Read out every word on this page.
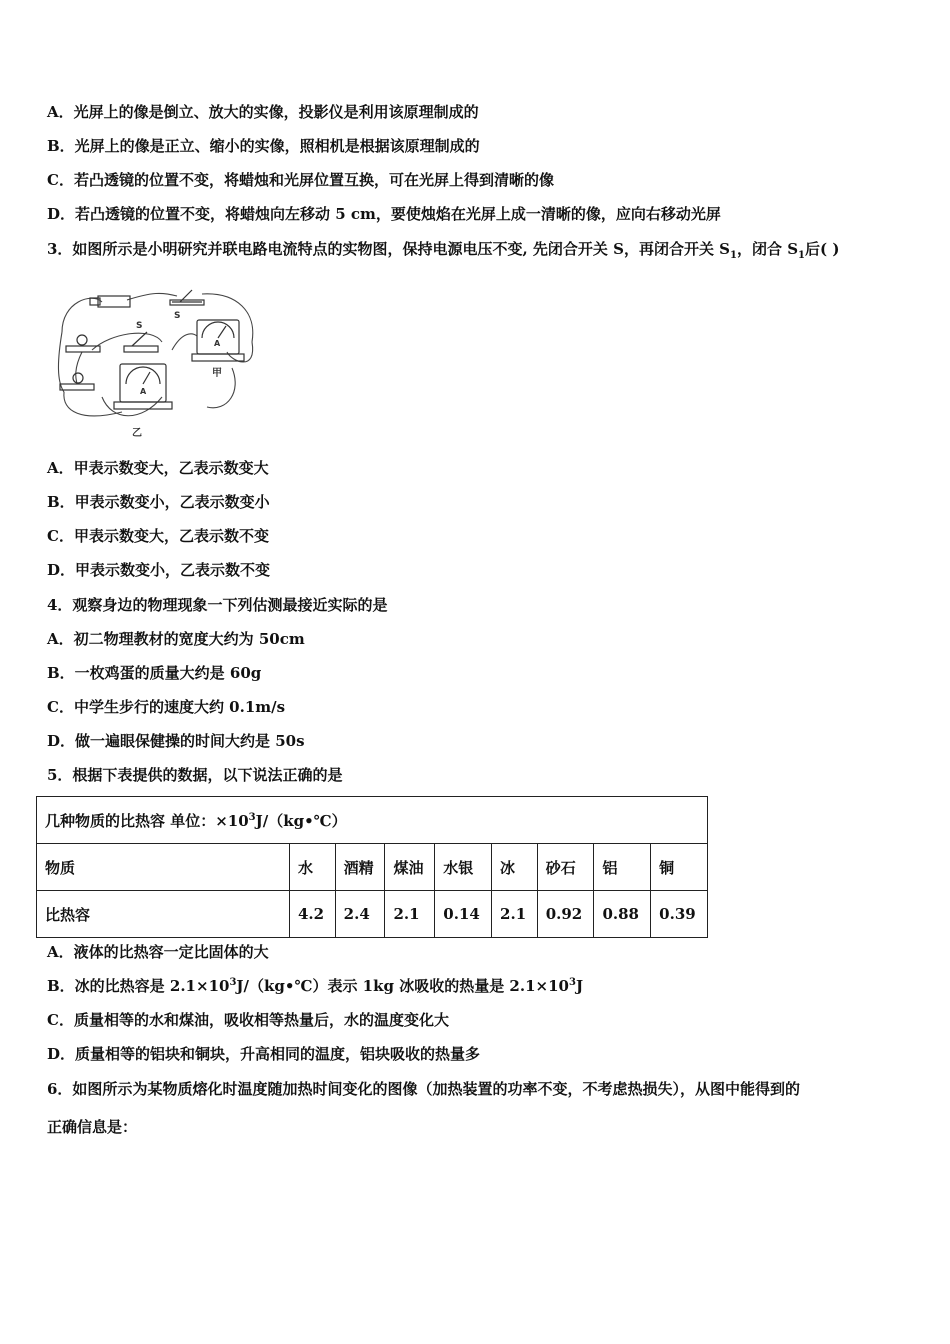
A．光屏上的像是倒立、放大的实像，投影仪是利用该原理制成的
B．光屏上的像是正立、缩小的实像，照相机是根据该原理制成的
C．若凸透镜的位置不变，将蜡烛和光屏位置互换，可在光屏上得到清晰的像
D．若凸透镜的位置不变，将蜡烛向左移动 5 cm，要使烛焰在光屏上成一清晰的像，应向右移动光屏
3．如图所示是小明研究并联电路电流特点的实物图，保持电源电压不变, 先闭合开关 S，再闭合开关 $S_1$，闭合 $S_1$后( )
S
S
A
A
甲
乙
A．甲表示数变大，乙表示数变大
B．甲表示数变小，乙表示数变小
C．甲表示数变大，乙表示数不变
D．甲表示数变小，乙表示数不变
4．观察身边的物理现象一下列估测最接近实际的是
A．初二物理教材的宽度大约为 50cm
B．一枚鸡蛋的质量大约是 60g
C．中学生步行的速度大约 0.1m/s
D．做一遍眼保健操的时间大约是 50s
5．根据下表提供的数据，以下说法正确的是
几种物质的比热容 单位：$\times 10^3J/(kg•℃)$								
物质	水	酒精	煤油	水银	冰	砂石	铝	铜
比热容	4.2	2.4	2.1	0.14	2.1	0.92	0.88	0.39
A．液体的比热容一定比固体的大
B．冰的比热容是 $2.1\times 10^3J/(kg•℃)$表示 1kg 冰吸收的热量是 $2.1\times 10^3J$
C．质量相等的水和煤油，吸收相等热量后，水的温度变化大
D．质量相等的铝块和铜块，升高相同的温度，铝块吸收的热量多
6．如图所示为某物质熔化时温度随加热时间变化的图像（加热装置的功率不变，不考虑热损失），从图中能得到的
正确信息是：
